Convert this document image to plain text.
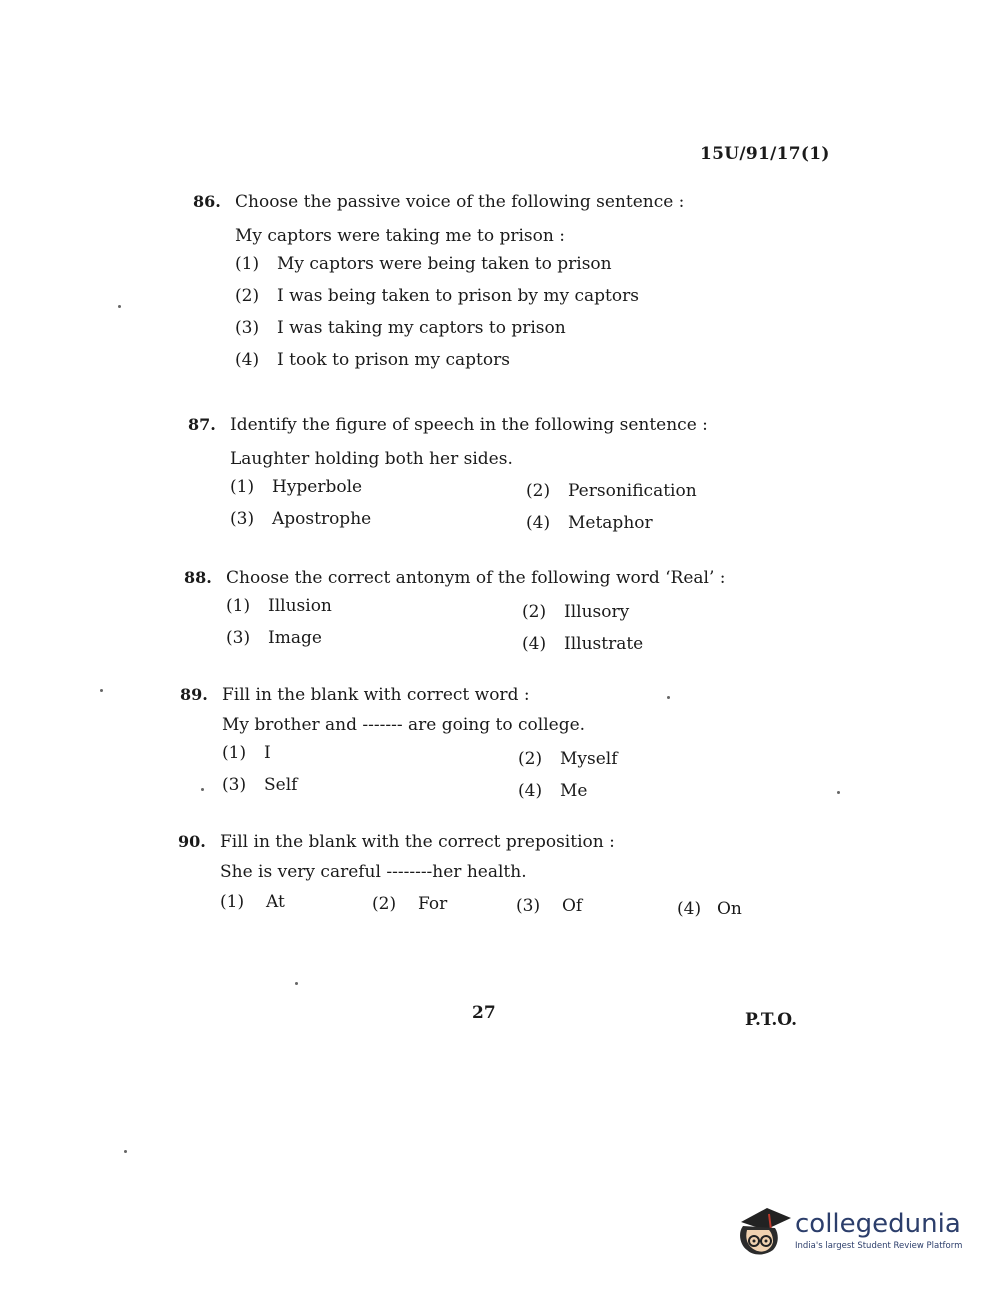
15U/91/17(1)
86. Choose the passive voice of the following sentence :
My captors were taking me to prison :
(1)	My captors were being taken to prison
(2)	I was being taken to prison by my captors
(3)	I was taking my captors to prison
(4)	I took to prison my captors
87. Identify the figure of speech in the following sentence :
Laughter holding both her sides.
(1)	Hyperbole	(2)	Personification
(3)	Apostrophe	(4)	Metaphor
88. Choose the correct antonym of the following word ‘Real’ :
(1)	Illusion	(2)	Illusory
(3)	Image	(4)	Illustrate
89. Fill in the blank with correct word :
My brother and ------- are going to college.
(1)	I	(2)	Myself
(3)	Self	(4)	Me
90. Fill in the blank with the correct preposition :
She is very careful --------her health.
(1)	At	(2)	For	(3)	Of	(4) On
27	P.T.O.
collegedunia
India's largest Student Review Platform
